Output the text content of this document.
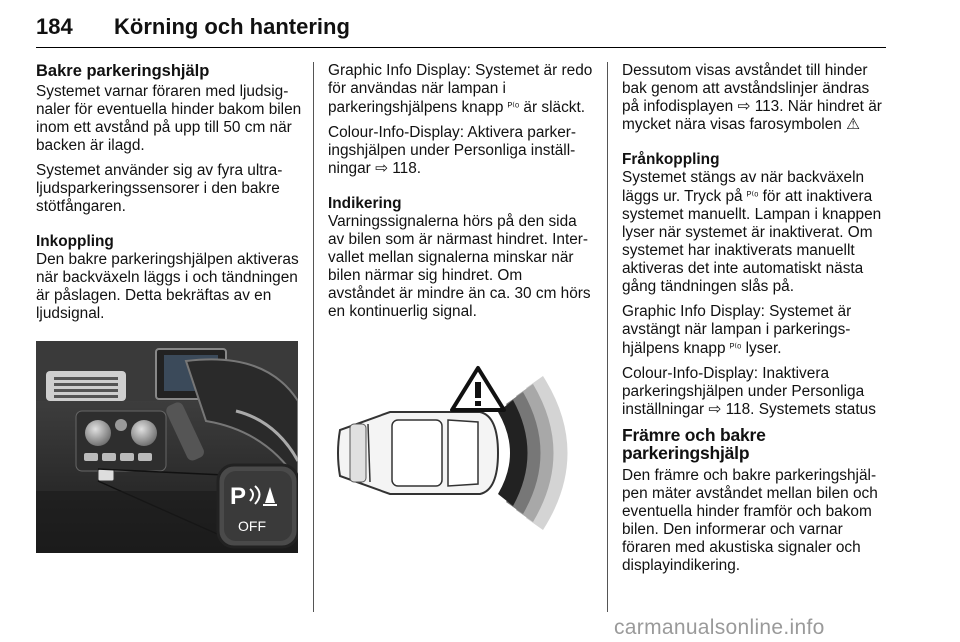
184 Körning och hantering
Bakre parkeringshjälp

Systemet varnar föraren med ljudsignaler för eventuella hinder bakom bilen inom ett avstånd på upp till 50 cm när backen är ilagd.

Systemet använder sig av fyra ultraljudsparkeringssensorer i den bakre stötfångaren.

Inkoppling

Den bakre parkeringshjälpen aktiveras när backväxeln läggs i och tändningen är påslagen. Detta bekräftas av en ljudsignal.

Graphic Info Display: Systemet är redo för användas när lampan i parkeringshjälpens knapp ᴾ⁽ᵒ är släckt.

Colour-Info-Display: Aktivera parkeringshjälpen under Personliga inställningar ⇨ 118.

Indikering

Varningssignalerna hörs på den sida av bilen som är närmast hindret. Intervallet mellan signalerna minskar när bilen närmar sig hindret. Om avståndet är mindre än ca. 30 cm hörs en kontinuerlig signal.

Dessutom visas avståndet till hinder bak genom att avståndslinjer ändras på infodisplayen ⇨ 113. När hindret är mycket nära visas farosymbolen ⚠

Frånkoppling

Systemet stängs av när backväxeln läggs ur. Tryck på ᴾ⁽ᵒ för att inaktivera systemet manuellt. Lampan i knappen lyser när systemet är inaktiverat. Om systemet har inaktiverats manuellt aktiveras det inte automatiskt nästa gång tändningen slås på.

Graphic Info Display: Systemet är avstängt när lampan i parkeringshjälpens knapp ᴾ⁽ᵒ lyser.

Colour-Info-Display: Inaktivera parkeringshjälpen under Personliga inställningar ⇨ 118. Systemets status

Främre och bakre parkeringshjälp

Den främre och bakre parkeringshjälpen mäter avståndet mellan bilen och eventuella hinder framför och bakom bilen. Den informerar och varnar föraren med akustiska signaler och displayindikering.

P
OFF
carmanualsonline.info
